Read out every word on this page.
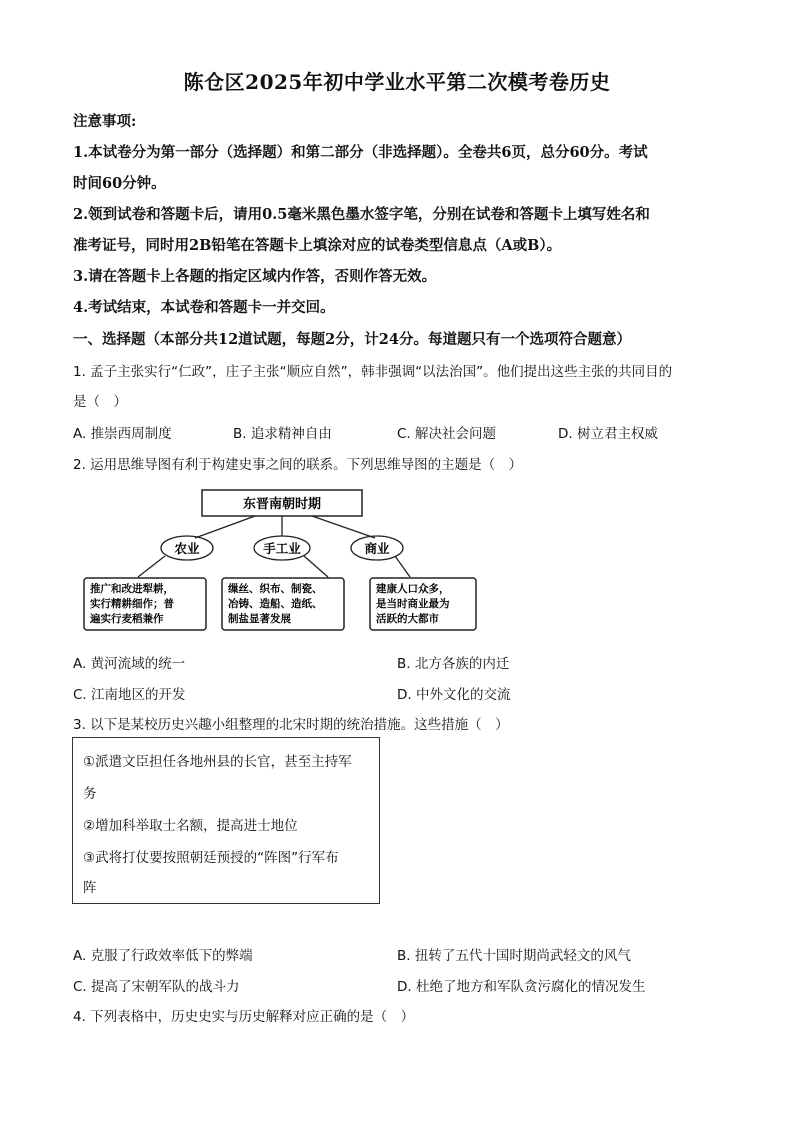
陈仓区2025年初中学业水平第二次模考卷历史
注意事项:
1.本试卷分为第一部分（选择题）和第二部分（非选择题）。全卷共6页，总分60分。考试
时间60分钟。
2.领到试卷和答题卡后，请用0.5毫米黑色墨水签字笔，分别在试卷和答题卡上填写姓名和
准考证号，同时用2B铅笔在答题卡上填涂对应的试卷类型信息点（A或B）。
3.请在答题卡上各题的指定区域内作答，否则作答无效。
4.考试结束，本试卷和答题卡一并交回。
一、选择题（本部分共12道试题，每题2分，计24分。每道题只有一个选项符合题意）
1. 孟子主张实行“仁政”，庄子主张“顺应自然”，韩非强调“以法治国”。他们提出这些主张的共同目的
是（　）
A. 推崇西周制度	B. 追求精神自由	C. 解决社会问题	D. 树立君主权威
2. 运用思维导图有利于构建史事之间的联系。下列思维导图的主题是（　）
东晋南朝时期
农业	手工业	商业
推广和改进犁耕，
实行精耕细作；普
遍实行麦稻兼作
缫丝、织布、制瓷、
冶铸、造船、造纸、
制盐显著发展
建康人口众多，
是当时商业最为
活跃的大都市
A. 黄河流域的统一	B. 北方各族的内迁
C. 江南地区的开发	D. 中外文化的交流
3. 以下是某校历史兴趣小组整理的北宋时期的统治措施。这些措施（　）
①派遣文臣担任各地州县的长官，甚至主持军
务
②增加科举取士名额，提高进士地位
③武将打仗要按照朝廷预授的“阵图”行军布
阵
A. 克服了行政效率低下的弊端	B. 扭转了五代十国时期尚武轻文的风气
C. 提高了宋朝军队的战斗力	D. 杜绝了地方和军队贪污腐化的情况发生
4. 下列表格中，历史史实与历史解释对应正确的是（　）
